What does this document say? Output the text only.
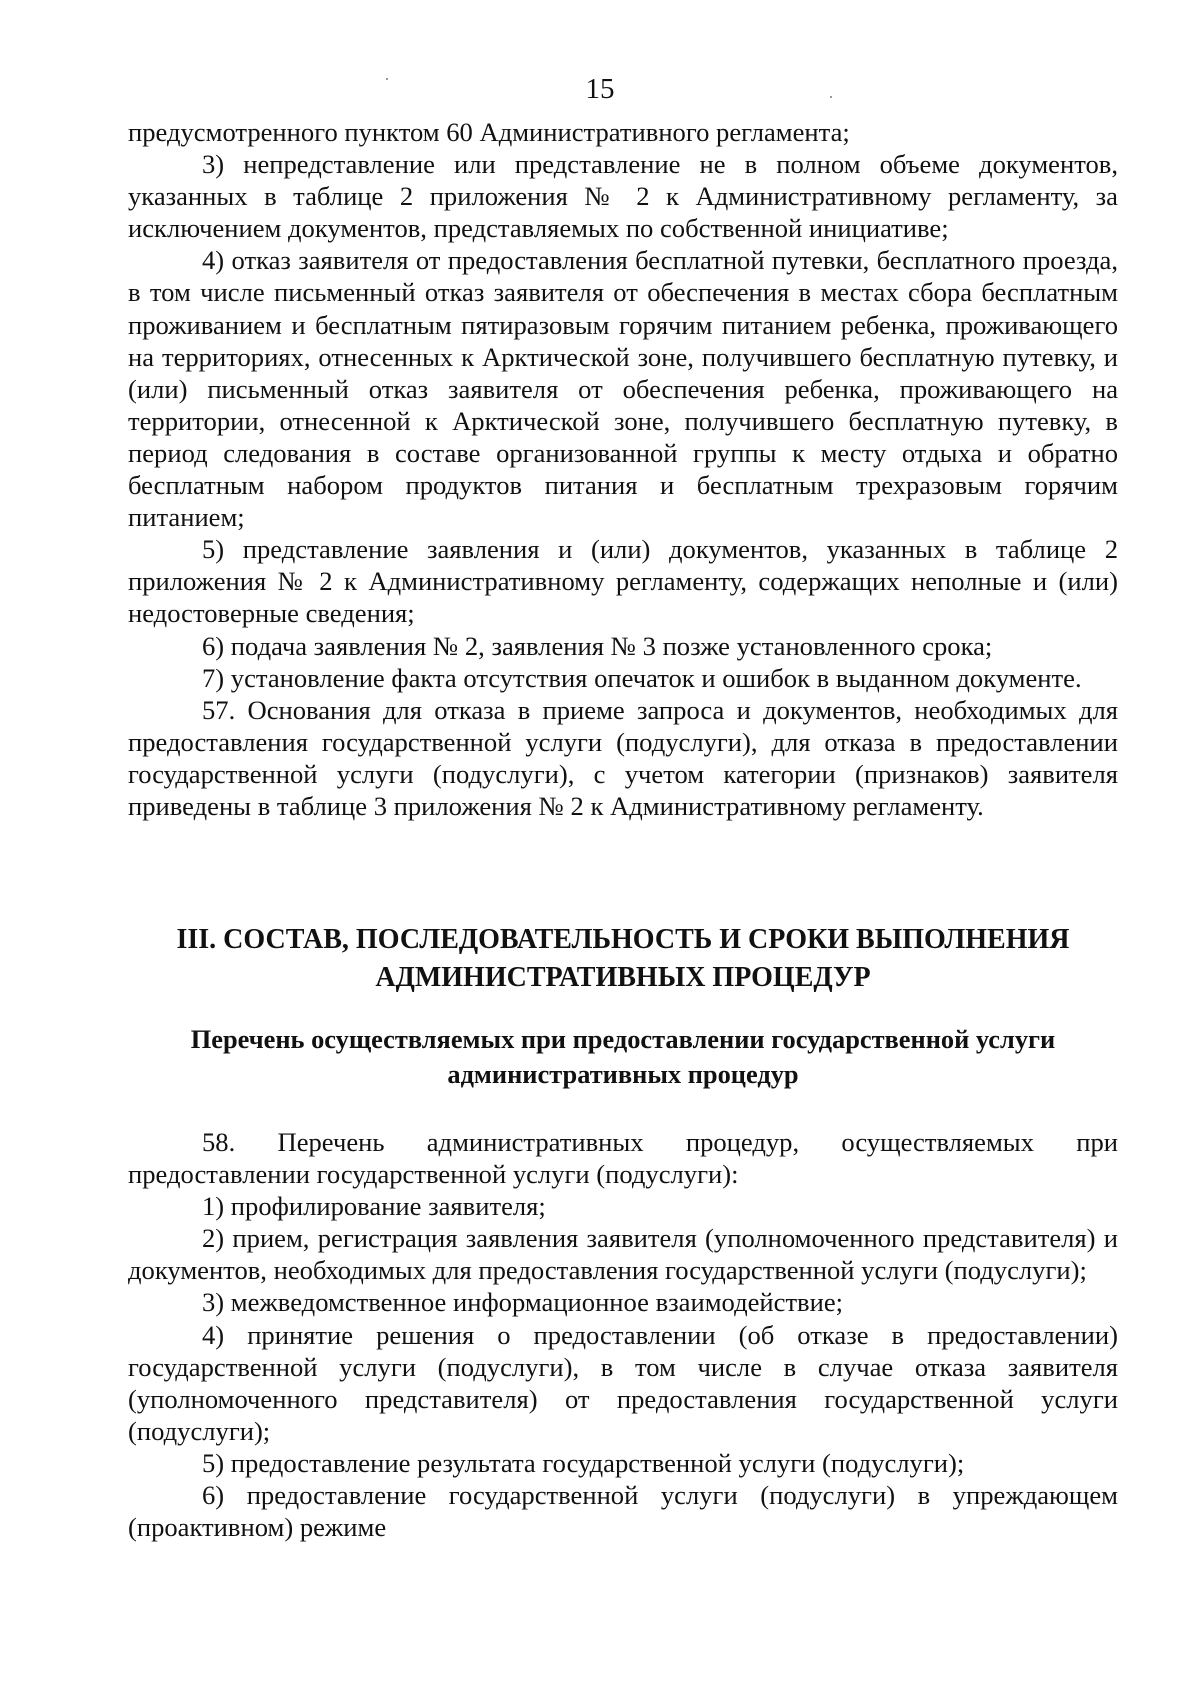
15

предусмотренного пунктом 60 Административного регламента;

3) непредставление или представление не в полном объеме документов, указанных в таблице 2 приложения № 2 к Административному регламенту, за исключением документов, представляемых по собственной инициативе;

4) отказ заявителя от предоставления бесплатной путевки, бесплатного проезда, в том числе письменный отказ заявителя от обеспечения в местах сбора бесплатным проживанием и бесплатным пятиразовым горячим питанием ребенка, проживающего на территориях, отнесенных к Арктической зоне, получившего бесплатную путевку, и (или) письменный отказ заявителя от обеспечения ребенка, проживающего на территории, отнесенной к Арктической зоне, получившего бесплатную путевку, в период следования в составе организованной группы к месту отдыха и обратно бесплатным набором продуктов питания и бесплатным трехразовым горячим питанием;

5) представление заявления и (или) документов, указанных в таблице 2 приложения № 2 к Административному регламенту, содержащих неполные и (или) недостоверные сведения;

6) подача заявления № 2, заявления № 3 позже установленного срока;

7) установление факта отсутствия опечаток и ошибок в выданном документе.

57. Основания для отказа в приеме запроса и документов, необходимых для предоставления государственной услуги (подуслуги), для отказа в предоставлении государственной услуги (подуслуги), с учетом категории (признаков) заявителя приведены в таблице 3 приложения № 2 к Административному регламенту.

III. СОСТАВ, ПОСЛЕДОВАТЕЛЬНОСТЬ И СРОКИ ВЫПОЛНЕНИЯ
АДМИНИСТРАТИВНЫХ ПРОЦЕДУР
Перечень осуществляемых при предоставлении государственной услуги
административных процедур

58. Перечень административных процедур, осуществляемых при предоставлении государственной услуги (подуслуги):

1) профилирование заявителя;

2) прием, регистрация заявления заявителя (уполномоченного представителя) и документов, необходимых для предоставления государственной услуги (подуслуги);

3) межведомственное информационное взаимодействие;

4) принятие решения о предоставлении (об отказе в предоставлении) государственной услуги (подуслуги), в том числе в случае отказа заявителя (уполномоченного представителя) от предоставления государственной услуги (подуслуги);

5) предоставление результата государственной услуги (подуслуги);

6) предоставление государственной услуги (подуслуги) в упреждающем (проактивном) режиме
